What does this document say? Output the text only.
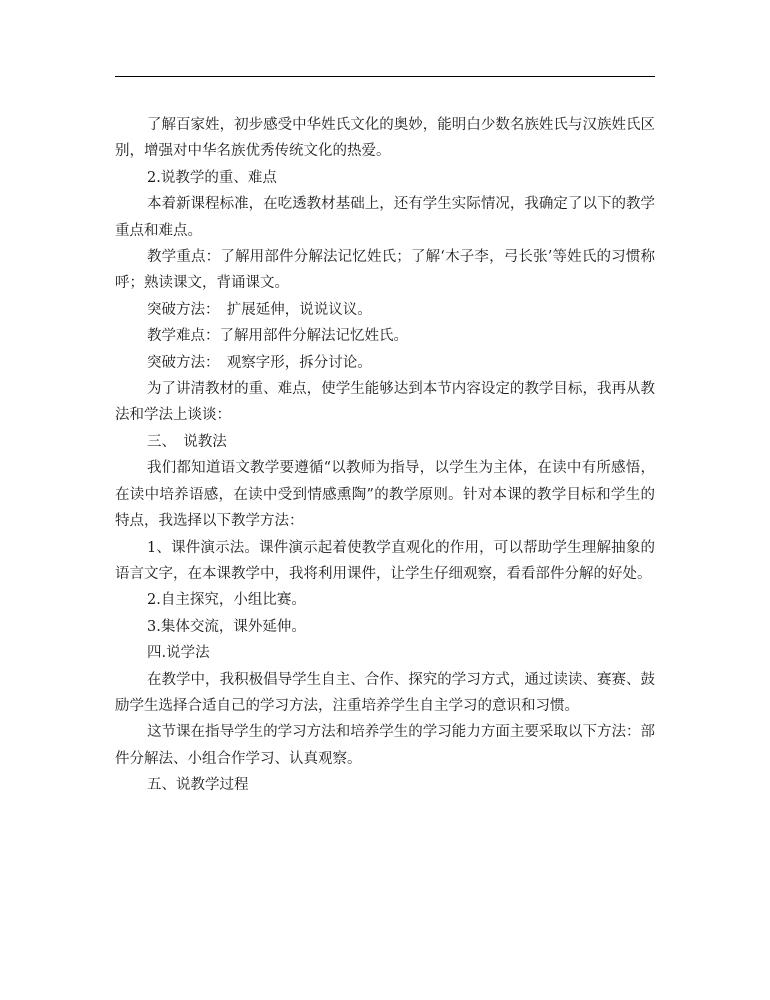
了解百家姓，初步感受中华姓氏文化的奥妙，能明白少数名族姓氏与汉族姓氏区别，增强对中华名族优秀传统文化的热爱。

2.说教学的重、难点

本着新课程标准，在吃透教材基础上，还有学生实际情况，我确定了以下的教学重点和难点。

教学重点：了解用部件分解法记忆姓氏；了解‘木子李，弓长张’等姓氏的习惯称呼；熟读课文，背诵课文。

突破方法：　扩展延伸，说说议议。

教学难点：了解用部件分解法记忆姓氏。

突破方法：　观察字形，拆分讨论。

为了讲清教材的重、难点，使学生能够达到本节内容设定的教学目标，我再从教法和学法上谈谈：

三、　说教法

我们都知道语文教学要遵循“以教师为指导，以学生为主体，在读中有所感悟，在读中培养语感，在读中受到情感熏陶”的教学原则。针对本课的教学目标和学生的特点，我选择以下教学方法：

1、课件演示法。课件演示起着使教学直观化的作用，可以帮助学生理解抽象的语言文字，在本课教学中，我将利用课件，让学生仔细观察，看看部件分解的好处。

2.自主探究，小组比赛。

3.集体交流，课外延伸。

四.说学法

在教学中，我积极倡导学生自主、合作、探究的学习方式，通过读读、赛赛、鼓励学生选择合适自己的学习方法，注重培养学生自主学习的意识和习惯。

这节课在指导学生的学习方法和培养学生的学习能力方面主要采取以下方法：部件分解法、小组合作学习、认真观察。

五、说教学过程
